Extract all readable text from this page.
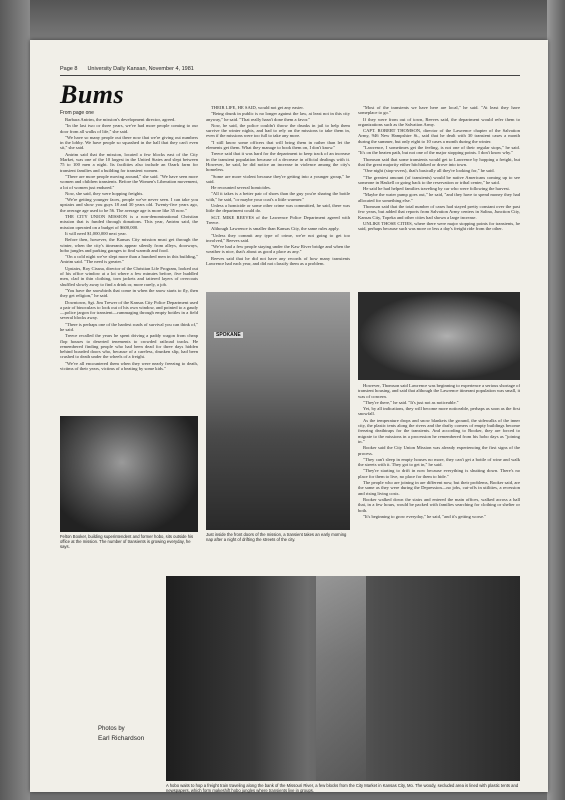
Page 8 University Daily Kansan, November 4, 1981
Bums
From page one

Barbara Antrim, the mission's development director, agreed.

"In the last two or three years, we've had more people coming to our door from all walks of life," she said.

"We have so many people out there now that we're giving out numbers in the lobby. We have people so squashed in the hall that they can't even sit," she said.

Antrim said that the mission, located a few blocks east of the City Market, was one of the 10 largest in the United States and slept between 75 to 100 men a night. Its facilities also include an Ozark farm for transient families and a building for transient women.

"There are more people moving around," she said. "We have seen more women and children transients. Before the Women's Liberation movement, a lot of women just endured."

Now, she said, they were hopping freights.

"We're getting younger faces, people we've never seen. I can take you upstairs and show you guys 18 and 30 years old. Twenty-five years ago, the average age used to be 56. The average age is more like 35 now."

THE CITY UNION MISSION is a non-denominational Christian mission that is funded through donations. This year, Antrim said, the mission operated on a budget of $600,000.

It will need $1,000,000 next year.

Before then, however, the Kansas City mission must get through the winter, when the city's itinerants appear silently from alleys, doorways, hobo jungles and parking garages to find warmth and food.

"On a cold night we've slept more than a hundred men in this building," Antrim said. "The need is greater."

Upstairs, Roy Cissna, director of the Christian Life Program, looked out of his office window at a lot where a few minutes before, five huddled men, clad in thin clothing, torn jackets and tattered layers of overcoats shuffled slowly away to find a drink or, more rarely, a job.

"You have the snowbirds that come in when the snow starts to fly, then they get religion," he said.

Downtown, Sgt. Jim Trewer of the Kansas City Police Department used a pair of binoculars to look out of his own window, and pointed to a gaudy—police jargon for transient—rummaging through empty bottles in a field several blocks away.

"There is perhaps one of the hardest roads of survival you can think of," he said.

Treece recalled the years he spent driving a paddy wagon from cheap flop houses to deserted tenements to crowded railroad tracks. He remembered finding people who had been dead for three days hidden behind boarded doors who, because of a careless, drunken slip, had been crushed to death under the wheels of a freight.

"We've all encountered them when they were nearly freezing to death, victims of their years, victims of a beating by some kids."

THEIR LIFE, HE SAID, would not get any easier.

"Being drunk in public is no longer against the law, at least not in this city anyway," he said. "That really hasn't done them a favor."

Now, he said, the police couldn't throw the drunks in jail to help them survive the winter nights, and had to rely on the missions to take them in, even if the missions were too full to take any more.

"I still know some officers that will bring them in rather than let the elements get them. What they manage to book them on, I don't know."

Treece said that it was hard for the department to keep track of an increase in the transient population because of a decrease in official dealings with it. However, he said, he did notice an increase in violence among the city's homeless.

"Some are more violent because they're getting into a younger group," he said.

He recounted several homicides.

"All it takes is a better pair of shoes than the guy you're sharing the bottle with," he said, "or maybe your coat's a little warmer."

Unless a homicide or some other crime was committed, he said, there was little the department could do.

SGT. MIKE REEVES of the Lawrence Police Department agreed with Treece.

Although Lawrence is smaller than Kansas City, the same rules apply.

"Unless they commit any type of crime, we're not going to get too involved," Reeves said.

"We've had a few people staying under the Kaw River bridge and when the weather is nice, that's about as good a place as any."

Reeves said that he did not have any records of how many transients Lawrence had each year, and did not classify them as a problem.

"Most of the transients we have here are local," he said. "At least they have someplace to go."

If they were from out of town, Reeves said, the department would refer them to organizations such as the Salvation Army.

CAPT. ROBERT THOMSON, director of the Lawrence chapter of the Salvation Army, 946 New Hampshire St., said that he dealt with 30 transient cases a month during the summer, but only eight to 10 cases a month during the winter.

"Lawrence, I sometimes get the feeling, is not one of their regular stops," he said. "It's on the beaten path, but not one of the major stopping points. I don't know why."

Thomson said that some transients would get to Lawrence by hopping a freight, but that the great majority either hitchhiked or drove into town.

"One night (stop-overs), that's basically all they're looking for," he said.

"The greatest amount (of transients) would be native Americans coming up to see someone in Haskell or going back to the reservation or tribal center," he said.

He said he had helped families traveling by car who were following the harvest.

"Maybe the water pump goes out," he said, "and they have to spend money they had allocated for something else."

Thomson said that the total number of cases had stayed pretty constant over the past few years, but added that reports from Salvation Army centers in Salina, Junction City, Kansas City, Topeka and other cities had shown a large increase.

UNLIKE THOSE CITIES, where there were major stopping points for transients, he said, perhaps because such was more or less a day's freight ride from the other.

However, Thomson said Lawrence was beginning to experience a serious shortage of transient housing, and said that although the Lawrence itinerant population was small, it was of concern.

"They're there," he said. "It's just not as noticeable."

Yet, by all indications, they will become more noticeable, perhaps as soon as the first snowfall.

As the temperature drops and snow blankets the ground, the sidewalks of the inner city, the plastic tents along the rivers and the drafty corners of empty buildings become freezing deathtraps for the transients. And according to Booker, they are forced to migrate to the missions in a procession he remembered from his hobo days as "joining in."

Booker said the City Union Mission was already experiencing the first signs of the process.

"They can't sleep in empty houses no more, they can't get a bottle of wine and walk the streets with it. They got to get in," he said.

"They're starting to drift in now because everything is shutting down. There's no place for them to live, no place for them to hide."

The people who are joining in are different now, but their problems, Booker said, are the same as they were during the Depression—no jobs, cut-offs in utilities, a recession and rising living costs.

Booker walked down the stairs and entered the main offices, walked across a hall that, in a few hours, would be packed with families searching for clothing or shelter or both.

"It's beginning to grow everyday," he said, "and it's getting worse."

Felton Booker, building superintendent and former hobo, sits outside his office at the mission. The number of transients is growing everyday, he says.
SPOKANE
Just inside the front doors of the mission, a transient takes an early morning nap after a night of drifting the streets of the city.
Photos by
Earl Richardson
A hobo waits to hop a freight train traveling along the bank of the Missouri River, a few blocks from the City Market in Kansas City, Mo. The woody, secluded area is lined with plastic tents and newspapers, which form makeshift hobo jungles where transients live in groups.
